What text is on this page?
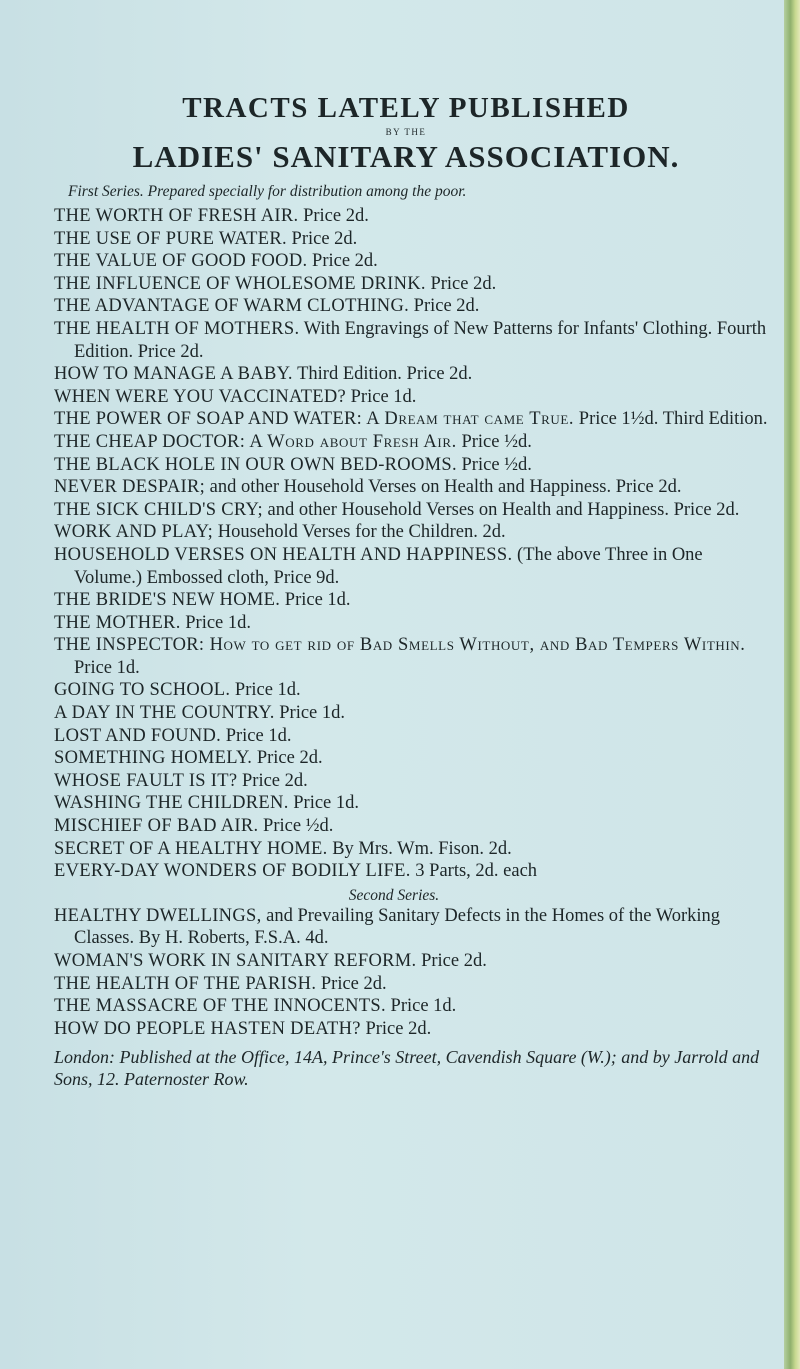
TRACTS LATELY PUBLISHED
BY THE
LADIES' SANITARY ASSOCIATION.
First Series. Prepared specially for distribution among the poor.
THE WORTH OF FRESH AIR. Price 2d.
THE USE OF PURE WATER. Price 2d.
THE VALUE OF GOOD FOOD. Price 2d.
THE INFLUENCE OF WHOLESOME DRINK. Price 2d.
THE ADVANTAGE OF WARM CLOTHING. Price 2d.
THE HEALTH OF MOTHERS. With Engravings of New Patterns for Infants' Clothing. Fourth Edition. Price 2d.
HOW TO MANAGE A BABY. Third Edition. Price 2d.
WHEN WERE YOU VACCINATED? Price 1d.
THE POWER OF SOAP AND WATER: A Dream that came True. Price 1½d. Third Edition.
THE CHEAP DOCTOR: A Word about Fresh Air. Price ½d.
THE BLACK HOLE IN OUR OWN BED-ROOMS. Price ½d.
NEVER DESPAIR; and other Household Verses on Health and Happiness. Price 2d.
THE SICK CHILD'S CRY; and other Household Verses on Health and Happiness. Price 2d.
WORK AND PLAY; Household Verses for the Children. 2d.
HOUSEHOLD VERSES ON HEALTH AND HAPPINESS. (The above Three in One Volume.) Embossed cloth, Price 9d.
THE BRIDE'S NEW HOME. Price 1d.
THE MOTHER. Price 1d.
THE INSPECTOR: How to get rid of Bad Smells Without, and Bad Tempers Within. Price 1d.
GOING TO SCHOOL. Price 1d.
A DAY IN THE COUNTRY. Price 1d.
LOST AND FOUND. Price 1d.
SOMETHING HOMELY. Price 2d.
WHOSE FAULT IS IT? Price 2d.
WASHING THE CHILDREN. Price 1d.
MISCHIEF OF BAD AIR. Price ½d.
SECRET OF A HEALTHY HOME. By Mrs. Wm. Fison. 2d.
EVERY-DAY WONDERS OF BODILY LIFE. 3 Parts, 2d. each
Second Series.
HEALTHY DWELLINGS, and Prevailing Sanitary Defects in the Homes of the Working Classes. By H. Roberts, F.S.A. 4d.
WOMAN'S WORK IN SANITARY REFORM. Price 2d.
THE HEALTH OF THE PARISH. Price 2d.
THE MASSACRE OF THE INNOCENTS. Price 1d.
HOW DO PEOPLE HASTEN DEATH? Price 2d.
London: Published at the Office, 14A, Prince's Street, Cavendish Square (W.); and by Jarrold and Sons, 12. Paternoster Row.
